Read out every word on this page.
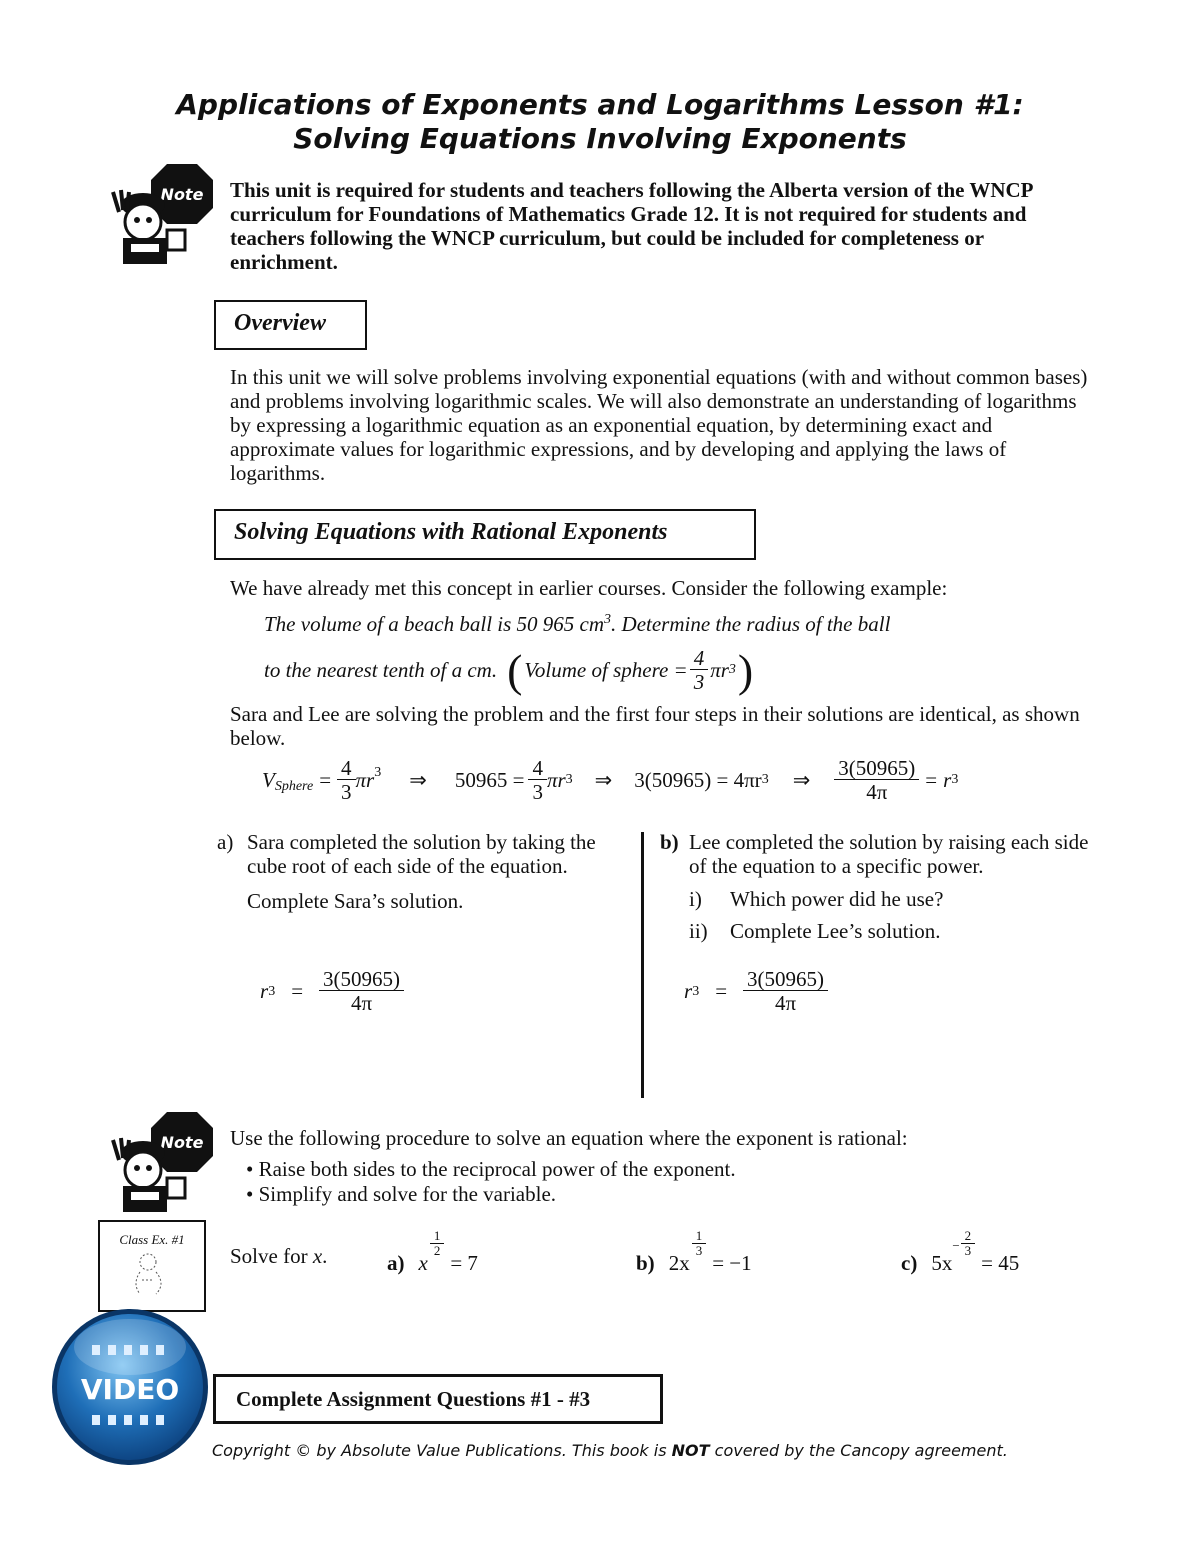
Applications of Exponents and Logarithms Lesson #1:
Solving Equations Involving Exponents
Note This unit is required for students and teachers following the Alberta version of the WNCP curriculum for Foundations of Mathematics Grade 12. It is not required for students and teachers following the WNCP curriculum, but could be included for completeness or enrichment.
Overview
In this unit we will solve problems involving exponential equations (with and without common bases) and problems involving logarithmic scales. We will also demonstrate an understanding of logarithms by expressing a logarithmic equation as an exponential equation, by determining exact and approximate values for logarithmic expressions, and by developing and applying the laws of logarithms.
Solving Equations with Rational Exponents
We have already met this concept in earlier courses. Consider the following example:
The volume of a beach ball is 50 965 $cm^3$. Determine the radius of the ball
to the nearest tenth of a cm. ( Volume of sphere = $\frac{4}{3}$ πr 3 )
Sara and Lee are solving the problem and the first four steps in their solutions are identical, as shown below.
$V_{Sphere} = \frac{4}{3} \pi r^3$ ⇒ $50965 = \frac{4}{3}$ πr 3 ⇒ 3(50965) = 4πr 3 ⇒ $\frac{3(50965)}{4\pi} = r$ 3
a) Sara completed the solution by taking the cube root of each side of the equation.
Complete Sara’s solution.
r $3 = \frac{3(50965)}{4\pi}$
b) Lee completed the solution by raising each side of the equation to a specific power.
i) Which power did he use?
ii) Complete Lee’s solution.
r $3 = \frac{3(50965)}{4\pi}$
Note Use the following procedure to solve an equation where the exponent is rational:
• Raise both sides to the reciprocal power of the exponent.
• Simplify and solve for the variable.
Class Ex. #1
Solve for x.	a) x
$\frac{1}{2}$
= 7	b) 2x
$\frac{1}{3}$
= −1	c) 5x
− $\frac{2}{3}$
= 45
VIDEO	Complete Assignment Questions #1 - #3
Copyright © by Absolute Value Publications. This book is NOT covered by the Cancopy agreement.
